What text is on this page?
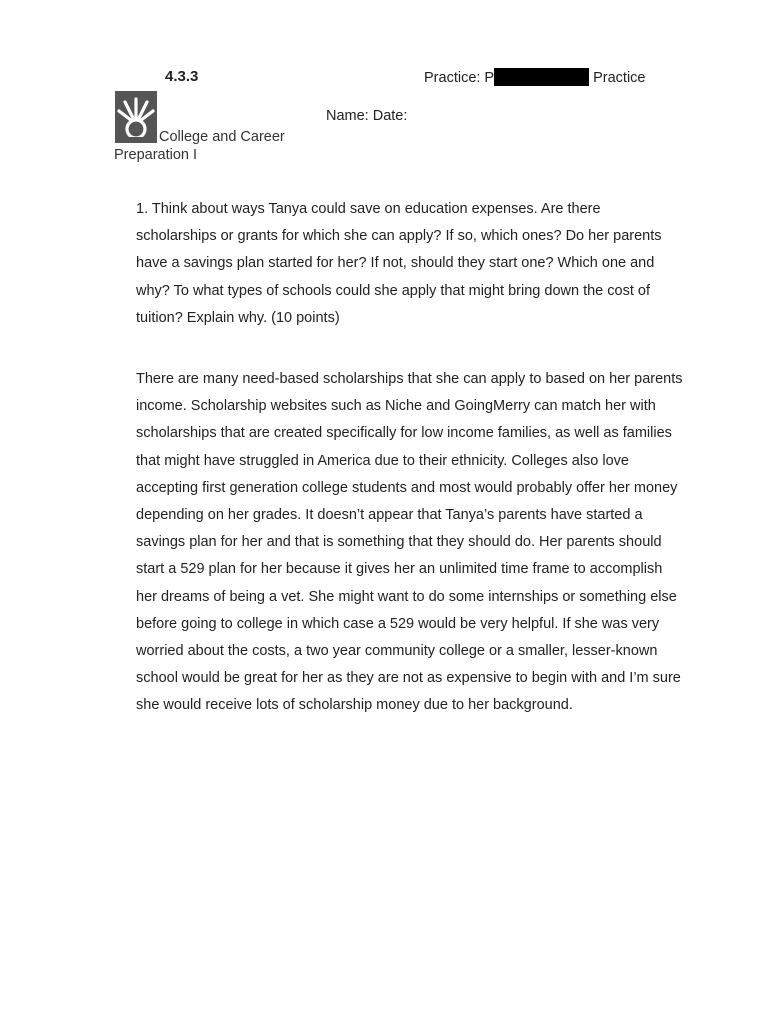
4.3.3	Practice: P	Practice
College and Career Preparation I
Name: Date:

1. Think about ways Tanya could save on education expenses. Are there scholarships or grants for which she can apply? If so, which ones? Do her parents have a savings plan started for her? If not, should they start one? Which one and why? To what types of schools could she apply that might bring down the cost of tuition? Explain why. (10 points)

There are many need-based scholarships that she can apply to based on her parents income. Scholarship websites such as Niche and GoingMerry can match her with scholarships that are created specifically for low income families, as well as families that might have struggled in America due to their ethnicity. Colleges also love accepting first generation college students and most would probably offer her money depending on her grades. It doesn’t appear that Tanya’s parents have started a savings plan for her and that is something that they should do. Her parents should start a 529 plan for her because it gives her an unlimited time frame to accomplish her dreams of being a vet. She might want to do some internships or something else before going to college in which case a 529 would be very helpful. If she was very worried about the costs, a two year community college or a smaller, lesser-known school would be great for her as they are not as expensive to begin with and I’m sure she would receive lots of scholarship money due to her background.
